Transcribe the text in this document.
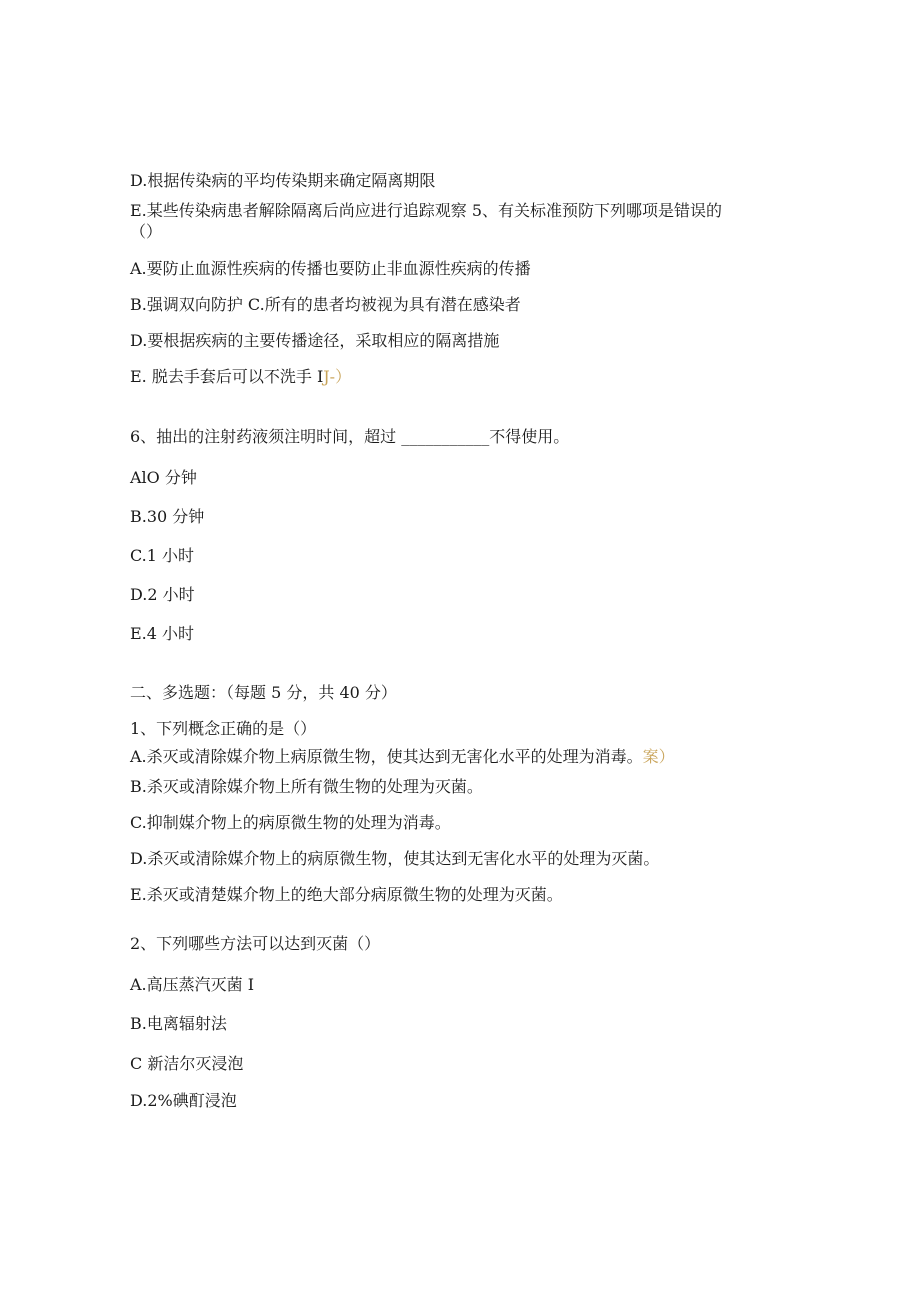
D.根据传染病的平均传染期来确定隔离期限
E.某些传染病患者解除隔离后尚应进行追踪观察 5、有关标准预防下列哪项是错误的
（）
A.要防止血源性疾病的传播也要防止非血源性疾病的传播
B.强调双向防护 C.所有的患者均被视为具有潜在感染者
D.要根据疾病的主要传播途径，采取相应的隔离措施
E. 脱去手套后可以不洗手 IJ-）
6、抽出的注射药液须注明时间，超过 ___________不得使用。
AlO 分钟
B.30 分钟
C.1 小时
D.2 小时
E.4 小时
二、多选题：（每题 5 分，共 40 分）
1、下列概念正确的是（）
A.杀灭或清除媒介物上病原微生物，使其达到无害化水平的处理为消毒。案）
B.杀灭或清除媒介物上所有微生物的处理为灭菌。
C.抑制媒介物上的病原微生物的处理为消毒。
D.杀灭或清除媒介物上的病原微生物，使其达到无害化水平的处理为灭菌。
E.杀灭或清楚媒介物上的绝大部分病原微生物的处理为灭菌。
2、下列哪些方法可以达到灭菌（）
A.高压蒸汽灭菌 I
B.电离辐射法
C 新洁尔灭浸泡
D.2%碘酊浸泡
